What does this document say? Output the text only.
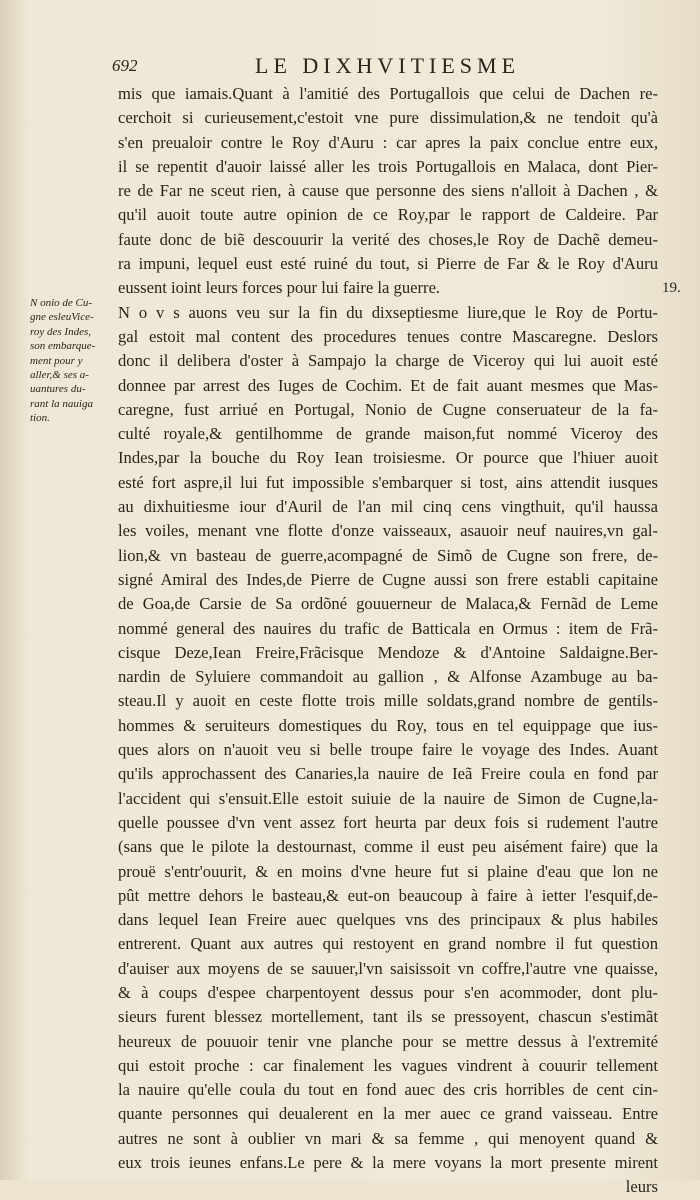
692	LE DIXHVITIESME
19.
N onio de Cu-
gne esleuVice-
roy des Indes,
son embarque-
ment pour y
aller,& ses a-
uantures du-
rant la nauiga
tion.
mis que iamais.Quant à l'amitié des Portugallois que celui de Dachen re-
cerchoit si curieusement,c'estoit vne pure dissimulation,& ne tendoit qu'à
s'en preualoir contre le Roy d'Auru : car apres la paix conclue entre eux,
il se repentit d'auoir laissé aller les trois Portugallois en Malaca, dont Pier-
re de Far ne sceut rien, à cause que personne des siens n'alloit à Dachen , &
qu'il auoit toute autre opinion de ce Roy,par le rapport de Caldeire. Par
faute donc de biẽ descouurir la verité des choses,le Roy de Dachẽ demeu-
ra impuni, lequel eust esté ruiné du tout, si Pierre de Far & le Roy d'Auru
eussent ioint leurs forces pour lui faire la guerre.
N o v s auons veu sur la fin du dixseptiesme liure,que le Roy de Portu-
gal estoit mal content des procedures tenues contre Mascaregne. Deslors
donc il delibera d'oster à Sampajo la charge de Viceroy qui lui auoit esté
donnee par arrest des Iuges de Cochim. Et de fait auant mesmes que Mas-
caregne, fust arriué en Portugal, Nonio de Cugne conseruateur de la fa-
culté royale,& gentilhomme de grande maison,fut nommé Viceroy des
Indes,par la bouche du Roy Iean troisiesme. Or pource que l'hiuer auoit
esté fort aspre,il lui fut impossible s'embarquer si tost, ains attendit iusques
au dixhuitiesme iour d'Auril de l'an mil cinq cens vingthuit, qu'il haussa
les voiles, menant vne flotte d'onze vaisseaux, asauoir neuf nauires,vn gal-
lion,& vn basteau de guerre,acompagné de Simõ de Cugne son frere, de-
signé Amiral des Indes,de Pierre de Cugne aussi son frere establi capitaine
de Goa,de Carsie de Sa ordõné gouuerneur de Malaca,& Fernãd de Leme
nommé general des nauires du trafic de Batticala en Ormus : item de Frã-
cisque Deze,Iean Freire,Frãcisque Mendoze & d'Antoine Saldaigne.Ber-
nardin de Syluiere commandoit au gallion , & Alfonse Azambuge au ba-
steau.Il y auoit en ceste flotte trois mille soldats,grand nombre de gentils-
hommes & seruiteurs domestiques du Roy, tous en tel equippage que ius-
ques alors on n'auoit veu si belle troupe faire le voyage des Indes. Auant
qu'ils approchassent des Canaries,la nauire de Ieã Freire coula en fond par
l'accident qui s'ensuit.Elle estoit suiuie de la nauire de Simon de Cugne,la-
quelle poussee d'vn vent assez fort heurta par deux fois si rudement l'autre
(sans que le pilote la destournast, comme il eust peu aisément faire) que la
prouë s'entr'ouurit, & en moins d'vne heure fut si plaine d'eau que lon ne
pût mettre dehors le basteau,& eut-on beaucoup à faire à ietter l'esquif,de-
dans lequel Iean Freire auec quelques vns des principaux & plus habiles
entrerent. Quant aux autres qui restoyent en grand nombre il fut question
d'auiser aux moyens de se sauuer,l'vn saisissoit vn coffre,l'autre vne quaisse,
& à coups d'espee charpentoyent dessus pour s'en acommoder, dont plu-
sieurs furent blessez mortellement, tant ils se pressoyent, chascun s'estimãt
heureux de pouuoir tenir vne planche pour se mettre dessus à l'extremité
qui estoit proche : car finalement les vagues vindrent à couurir tellement
la nauire qu'elle coula du tout en fond auec des cris horribles de cent cin-
quante personnes qui deualerent en la mer auec ce grand vaisseau. Entre
autres ne sont à oublier vn mari & sa femme , qui menoyent quand &
eux trois ieunes enfans.Le pere & la mere voyans la mort presente mirent
leurs
